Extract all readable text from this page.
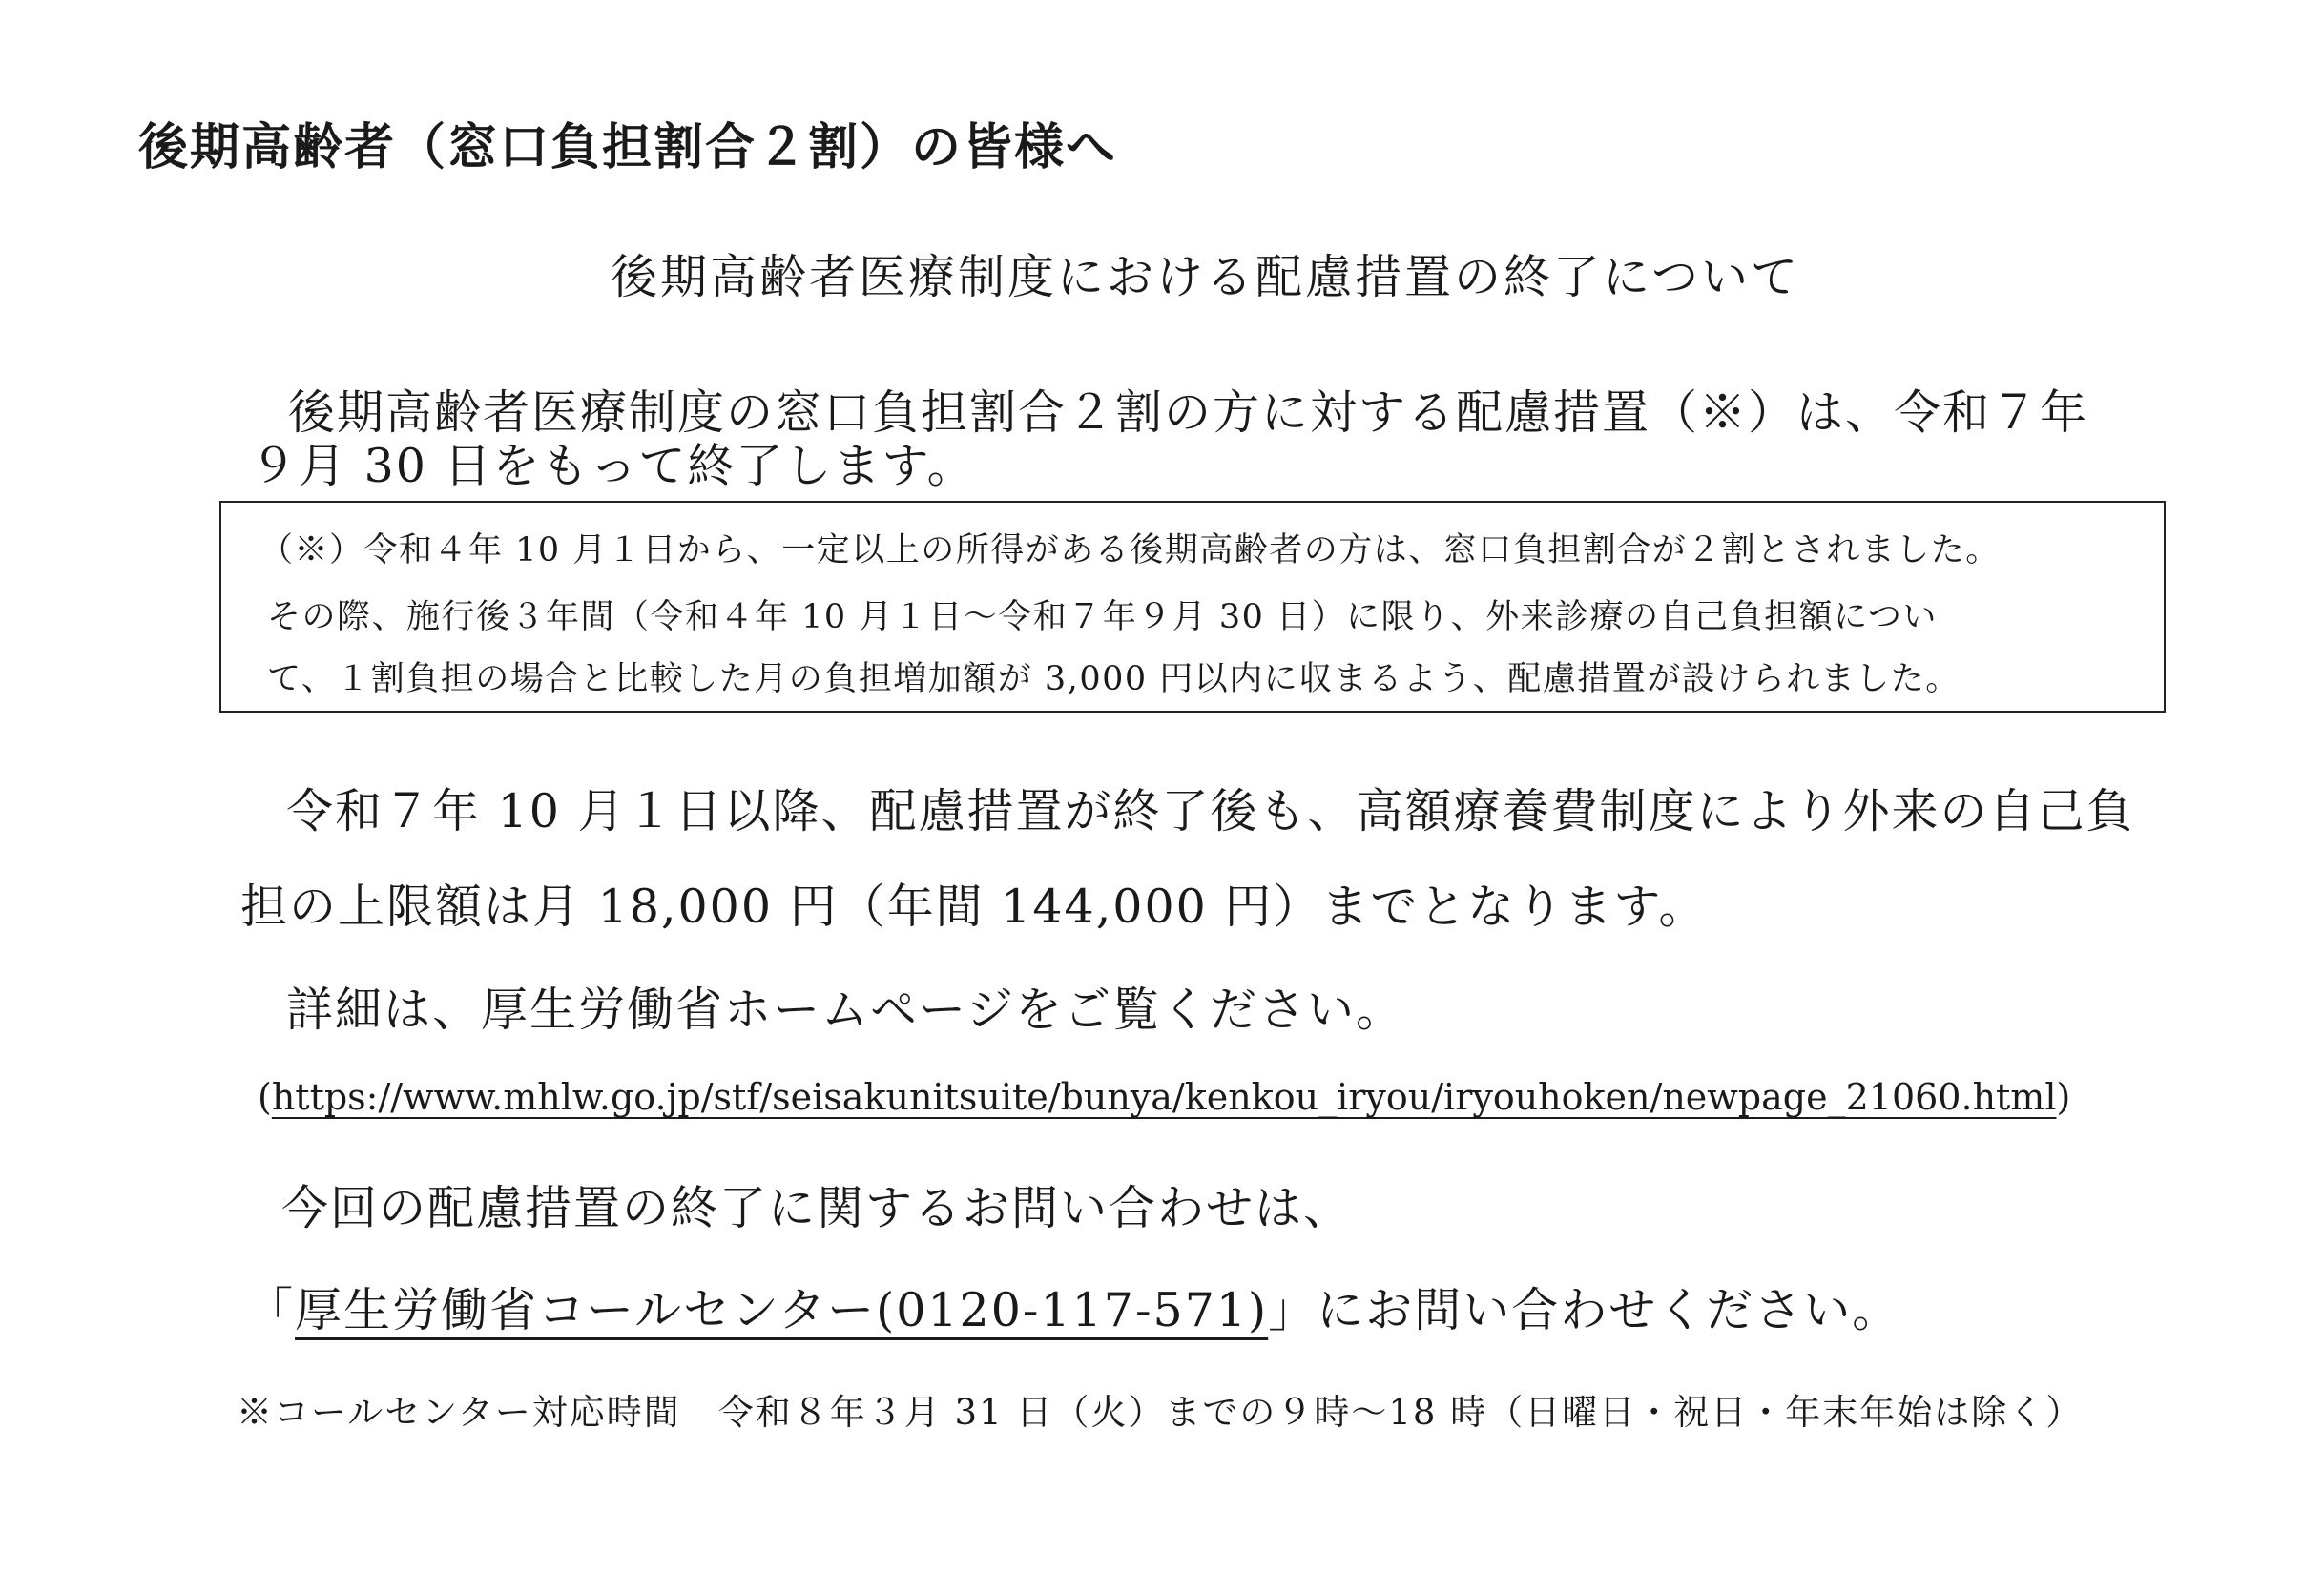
後期高齢者（窓口負担割合２割）の皆様へ
後期高齢者医療制度における配慮措置の終了について
後期高齢者医療制度の窓口負担割合２割の方に対する配慮措置（※）は、令和７年
９月 30 日をもって終了します。
（※）令和４年 10 月１日から、一定以上の所得がある後期高齢者の方は、窓口負担割合が２割とされました。
その際、施行後３年間（令和４年 10 月１日～令和７年９月 30 日）に限り、外来診療の自己負担額につい
て、１割負担の場合と比較した月の負担増加額が 3,000 円以内に収まるよう、配慮措置が設けられました。
令和７年 10 月１日以降、配慮措置が終了後も、高額療養費制度により外来の自己負
担の上限額は月 18,000 円（年間 144,000 円）までとなります。
詳細は、厚生労働省ホームページをご覧ください。
(https://www.mhlw.go.jp/stf/seisakunitsuite/bunya/kenkou_iryou/iryouhoken/newpage_21060.html)
今回の配慮措置の終了に関するお問い合わせは、
「厚生労働省コールセンター(0120-117-571)」にお問い合わせください。
※コールセンター対応時間　令和８年３月 31 日（火）までの９時～18 時（日曜日・祝日・年末年始は除く）
